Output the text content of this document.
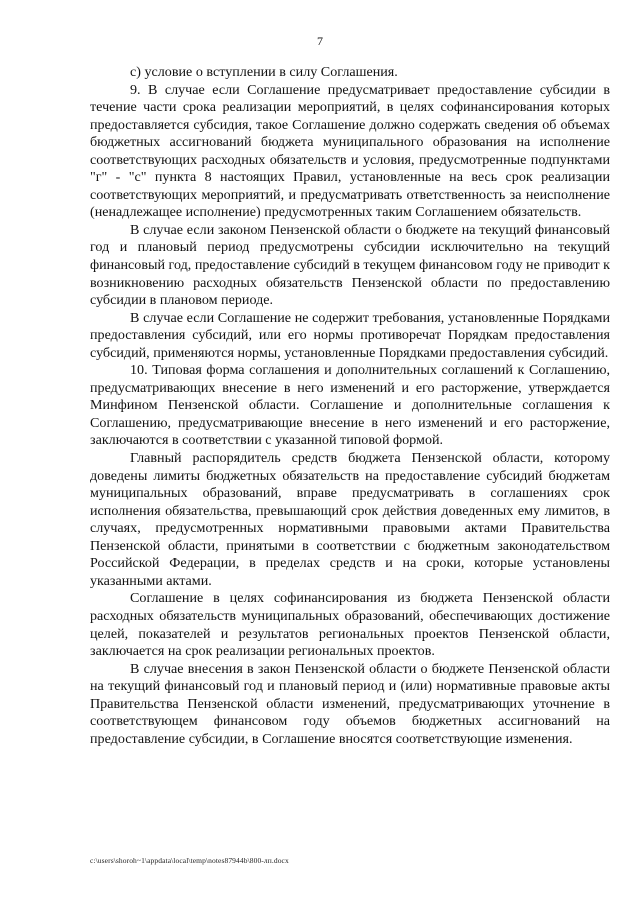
7

c) условие о вступлении в силу Соглашения.

9. В случае если Соглашение предусматривает предоставление субсидии в течение части срока реализации мероприятий, в целях софинансирования которых предоставляется субсидия, такое Соглашение должно содержать сведения об объемах бюджетных ассигнований бюджета муниципального образования на исполнение соответствующих расходных обязательств и условия, предусмотренные подпунктами "г" - "с" пункта 8 настоящих Правил, установленные на весь срок реализации соответствующих мероприятий, и предусматривать ответственность за неисполнение (ненадлежащее исполнение) предусмотренных таким Соглашением обязательств.

В случае если законом Пензенской области о бюджете на текущий финансовый год и плановый период предусмотрены субсидии исключительно на текущий финансовый год, предоставление субсидий в текущем финансовом году не приводит к возникновению расходных обязательств Пензенской области по предоставлению субсидии в плановом периоде.

В случае если Соглашение не содержит требования, установленные Порядками предоставления субсидий, или его нормы противоречат Порядкам предоставления субсидий, применяются нормы, установленные Порядками предоставления субсидий.

10. Типовая форма соглашения и дополнительных соглашений к Соглашению, предусматривающих внесение в него изменений и его расторжение, утверждается Минфином Пензенской области. Соглашение и дополнительные соглашения к Соглашению, предусматривающие внесение в него изменений и его расторжение, заключаются в соответствии с указанной типовой формой.

Главный распорядитель средств бюджета Пензенской области, которому доведены лимиты бюджетных обязательств на предоставление субсидий бюджетам муниципальных образований, вправе предусматривать в соглашениях срок исполнения обязательства, превышающий срок действия доведенных ему лимитов, в случаях, предусмотренных нормативными правовыми актами Правительства Пензенской области, принятыми в соответствии с бюджетным законодательством Российской Федерации, в пределах средств и на сроки, которые установлены указанными актами.

Соглашение в целях софинансирования из бюджета Пензенской области расходных обязательств муниципальных образований, обеспечивающих достижение целей, показателей и результатов региональных проектов Пензенской области, заключается на срок реализации региональных проектов.

В случае внесения в закон Пензенской области о бюджете Пензенской области на текущий финансовый год и плановый период и (или) нормативные правовые акты Правительства Пензенской области изменений, предусматривающих уточнение в соответствующем финансовом году объемов бюджетных ассигнований на предоставление субсидии, в Соглашение вносятся соответствующие изменения.

c:\users\shoroh~1\appdata\local\temp\notes87944b\800-лп.docx
